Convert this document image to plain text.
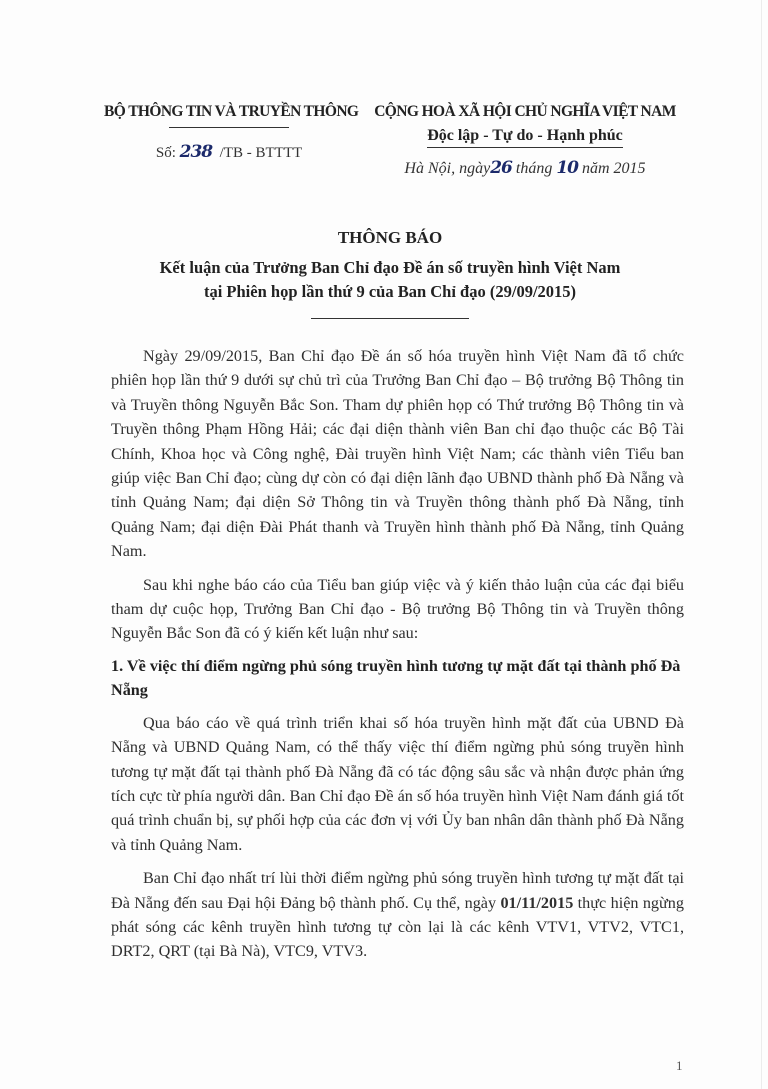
BỘ THÔNG TIN VÀ TRUYỀN THÔNG
Số: 238 /TB - BTTTT
CỘNG HOÀ XÃ HỘI CHỦ NGHĨA VIỆT NAM
Độc lập - Tự do - Hạnh phúc
Hà Nội, ngày26 tháng 10 năm 2015
THÔNG BÁO
Kết luận của Trưởng Ban Chỉ đạo Đề án số truyền hình Việt Nam
tại Phiên họp lần thứ 9 của Ban Chỉ đạo (29/09/2015)

Ngày 29/09/2015, Ban Chỉ đạo Đề án số hóa truyền hình Việt Nam đã tổ chức phiên họp lần thứ 9 dưới sự chủ trì của Trưởng Ban Chỉ đạo – Bộ trưởng Bộ Thông tin và Truyền thông Nguyễn Bắc Son. Tham dự phiên họp có Thứ trưởng Bộ Thông tin và Truyền thông Phạm Hồng Hải; các đại diện thành viên Ban chỉ đạo thuộc các Bộ Tài Chính, Khoa học và Công nghệ, Đài truyền hình Việt Nam; các thành viên Tiểu ban giúp việc Ban Chỉ đạo; cùng dự còn có đại diện lãnh đạo UBND thành phố Đà Nẵng và tỉnh Quảng Nam; đại diện Sở Thông tin và Truyền thông thành phố Đà Nẵng, tỉnh Quảng Nam; đại diện Đài Phát thanh và Truyền hình thành phố Đà Nẵng, tỉnh Quảng Nam.

Sau khi nghe báo cáo của Tiểu ban giúp việc và ý kiến thảo luận của các đại biểu tham dự cuộc họp, Trưởng Ban Chỉ đạo - Bộ trưởng Bộ Thông tin và Truyền thông Nguyễn Bắc Son đã có ý kiến kết luận như sau:

1. Về việc thí điểm ngừng phủ sóng truyền hình tương tự mặt đất tại thành phố Đà Nẵng

Qua báo cáo về quá trình triển khai số hóa truyền hình mặt đất của UBND Đà Nẵng và UBND Quảng Nam, có thể thấy việc thí điểm ngừng phủ sóng truyền hình tương tự mặt đất tại thành phố Đà Nẵng đã có tác động sâu sắc và nhận được phản ứng tích cực từ phía người dân. Ban Chỉ đạo Đề án số hóa truyền hình Việt Nam đánh giá tốt quá trình chuẩn bị, sự phối hợp của các đơn vị với Ủy ban nhân dân thành phố Đà Nẵng và tỉnh Quảng Nam.

Ban Chỉ đạo nhất trí lùi thời điểm ngừng phủ sóng truyền hình tương tự mặt đất tại Đà Nẵng đến sau Đại hội Đảng bộ thành phố. Cụ thể, ngày 01/11/2015 thực hiện ngừng phát sóng các kênh truyền hình tương tự còn lại là các kênh VTV1, VTV2, VTC1, DRT2, QRT (tại Bà Nà), VTC9, VTV3.

1
